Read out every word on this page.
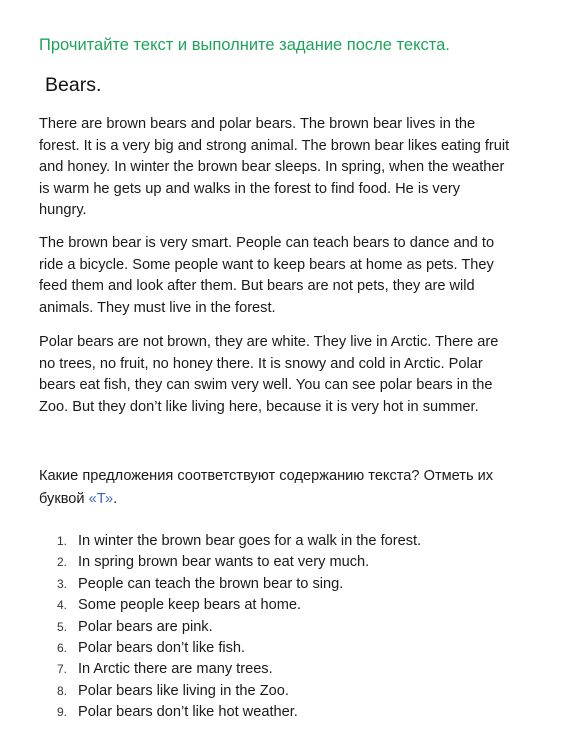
Прочитайте текст и выполните задание после текста.
Bears.

There are brown bears and polar bears. The brown bear lives in the
forest. It is a very big and strong animal. The brown bear likes eating fruit
and honey. In winter the brown bear sleeps. In spring, when the weather
is warm he gets up and walks in the forest to find food. He is very
hungry.

The brown bear is very smart. People can teach bears to dance and to
ride a bicycle. Some people want to keep bears at home as pets. They
feed them and look after them. But bears are not pets, they are wild
animals. They must live in the forest.

Polar bears are not brown, they are white. They live in Arctic. There are
no trees, no fruit, no honey there. It is snowy and cold in Arctic. Polar
bears eat fish, they can swim very well. You can see polar bears in the
Zoo. But they don’t like living here, because it is very hot in summer.

Какие предложения соответствуют содержанию текста? Отметь их
буквой «Т».

1. In winter the brown bear goes for a walk in the forest.
2. In spring brown bear wants to eat very much.
3. People can teach the brown bear to sing.
4. Some people keep bears at home.
5. Polar bears are pink.
6. Polar bears don’t like fish.
7. In Arctic there are many trees.
8. Polar bears like living in the Zoo.
9. Polar bears don’t like hot weather.
